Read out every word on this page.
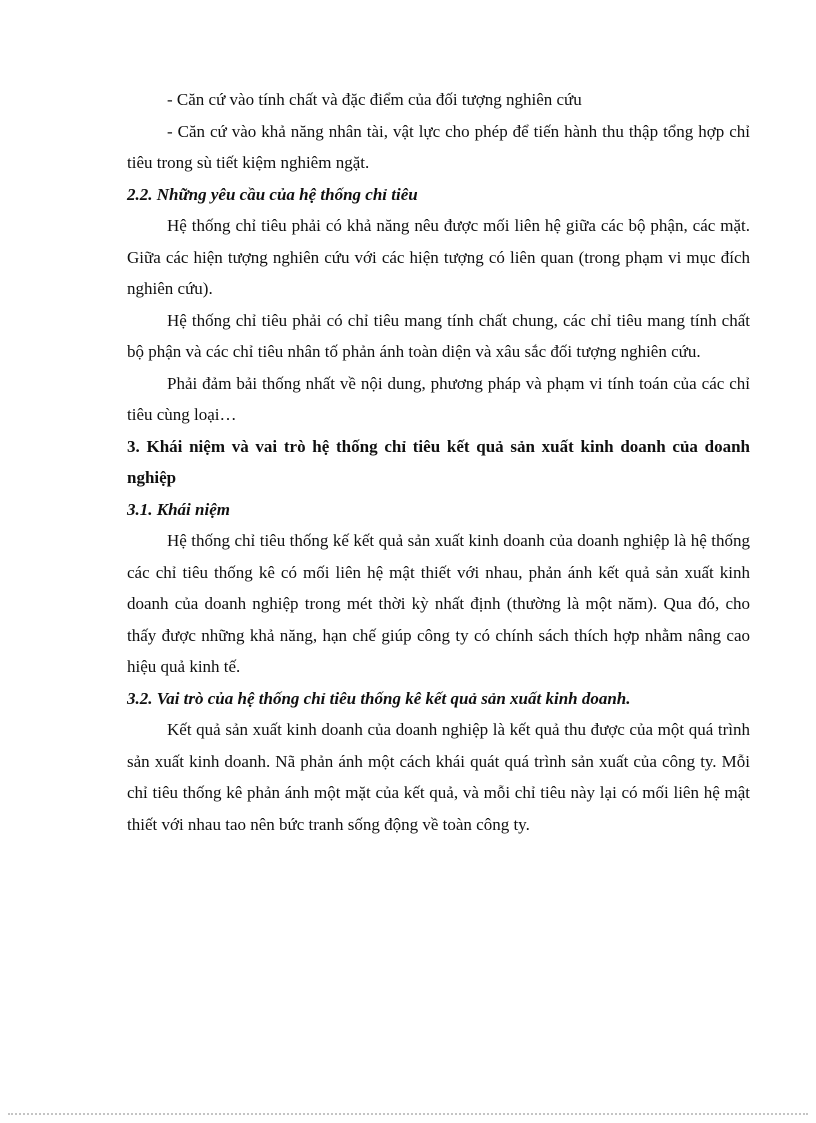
- Căn cứ vào tính chất và đặc điểm của đối tượng nghiên cứu

- Căn cứ vào khả năng nhân tài, vật lực cho phép để tiến hành thu thập tổng hợp chỉ tiêu trong sù tiết kiệm nghiêm ngặt.

2.2. Những yêu cầu của hệ thống chỉ tiêu

Hệ thống chỉ tiêu phải có khả năng nêu được mối liên hệ giữa các bộ phận, các mặt. Giữa các hiện tượng nghiên cứu với các hiện tượng có liên quan (trong phạm vi mục đích nghiên cứu).

Hệ thống chỉ tiêu phải có chỉ tiêu mang tính chất chung, các chỉ tiêu mang tính chất bộ phận và các chỉ tiêu nhân tố phản ánh toàn diện và xâu sắc đối tượng nghiên cứu.

Phải đảm bải thống nhất về nội dung, phương pháp và phạm vi tính toán của các chỉ tiêu cùng loại…

3. Khái niệm và vai trò hệ thống chỉ tiêu kết quả sản xuất kinh doanh của doanh nghiệp

3.1. Khái niệm

Hệ thống chỉ tiêu thống kế kết quả sản xuất kinh doanh của doanh nghiệp là hệ thống các chỉ tiêu thống kê có mối liên hệ mật thiết với nhau, phản ánh kết quả sản xuất kinh doanh của doanh nghiệp trong mét thời kỳ nhất định (thường là một năm). Qua đó, cho thấy được những khả năng, hạn chế giúp công ty có chính sách thích hợp nhằm nâng cao hiệu quả kinh tế.

3.2. Vai trò của hệ thống chỉ tiêu thống kê kết quả sản xuất kinh doanh.

Kết quả sản xuất kinh doanh của doanh nghiệp là kết quả thu được của một quá trình sản xuất kinh doanh. Nã phản ánh một cách khái quát quá trình sản xuất của công ty. Mỗi chỉ tiêu thống kê phản ánh một mặt của kết quả, và mỗi chỉ tiêu này lại có mối liên hệ mật thiết với nhau tao nên bức tranh sống động về toàn công ty.
